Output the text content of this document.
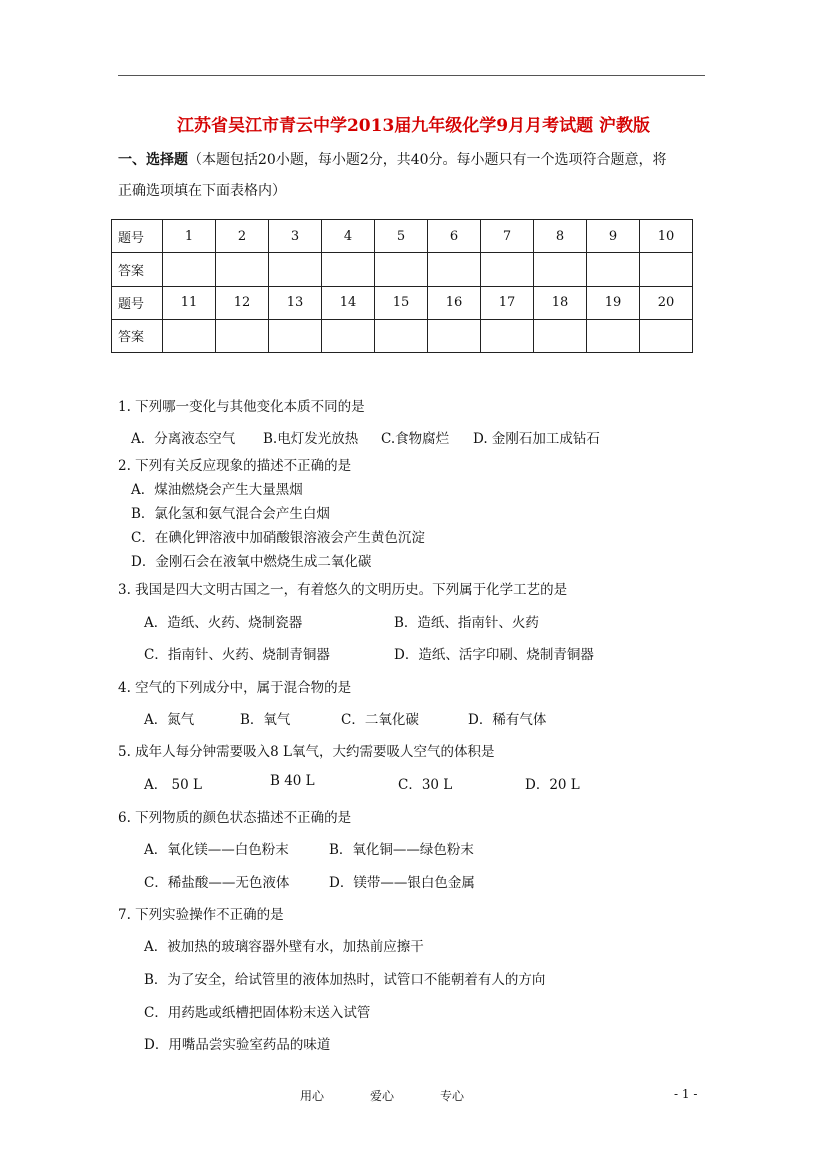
江苏省吴江市青云中学2013届九年级化学9月月考试题 沪教版
一、选择题（本题包括20小题，每小题2分，共40分。每小题只有一个选项符合题意，将
正确选项填在下面表格内）
题号	1	2	3	4	5	6	7	8	9	10
答案										
题号	11	12	13	14	15	16	17	18	19	20
答案										
1. 下列哪一变化与其他变化本质不同的是
A．分离液态空气 B.电灯发光放热 C.食物腐烂 D. 金刚石加工成钻石
2. 下列有关反应现象的描述不正确的是
A．煤油燃烧会产生大量黑烟
B．氯化氢和氨气混合会产生白烟
C．在碘化钾溶液中加硝酸银溶液会产生黄色沉淀
D．金刚石会在液氧中燃烧生成二氧化碳
3. 我国是四大文明古国之一，有着悠久的文明历史。下列属于化学工艺的是
A．造纸、火药、烧制瓷器	B．造纸、指南针、火药
C．指南针、火药、烧制青铜器	D．造纸、活字印刷、烧制青铜器
4. 空气的下列成分中，属于混合物的是
A．氮气	B．氧气	C．二氧化碳	D．稀有气体
5. 成年人每分钟需要吸入8 L氧气，大约需要吸人空气的体积是
A． 50 L	B 40 L	C．30 L	D．20 L
6. 下列物质的颜色状态描述不正确的是
A．氧化镁——白色粉末	B．氧化铜——绿色粉末
C．稀盐酸——无色液体	D．镁带——银白色金属
7. 下列实验操作不正确的是
A．被加热的玻璃容器外壁有水，加热前应擦干
B．为了安全，给试管里的液体加热时，试管口不能朝着有人的方向
C．用药匙或纸槽把固体粉末送入试管
D．用嘴品尝实验室药品的味道
用心	爱心	专心	- 1 -
